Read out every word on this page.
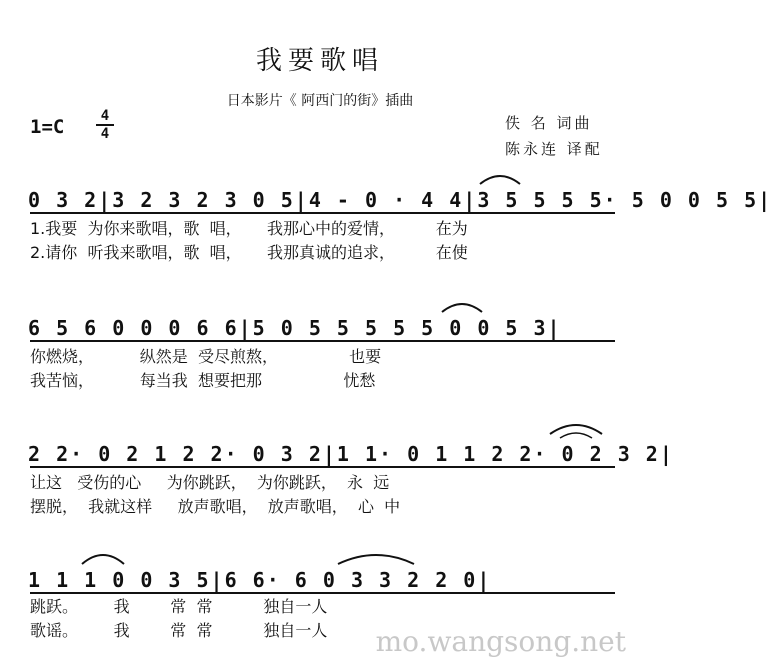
我要歌唱
日本影片《 阿西门的街》插曲
1=C	4
4
佚 名 词曲
陈永连 译配
0 3 2|3 2 3 2 3 0 5|4 - 0 · 4 4|3 5 5 5 5· 5 0 0 5 5|
1.我要  为你来歌唱，歌  唱，     我那心中的爱情，        在为
2.请你  听我来歌唱，歌  唱，     我那真诚的追求，        在使
6 5 6 0 0 0 6 6|5 0 5 5 5 5 5 0 0 5 3|
你燃烧，         纵然是  受尽煎熬，              也要
我苦恼，         每当我  想要把那                忧愁
2 2· 0 2 1 2 2· 0 3 2|1 1· 0 1 1 2 2· 0 2 3 2|
让这   受伤的心     为你跳跃，  为你跳跃，  永  远
摆脱，  我就这样     放声歌唱，  放声歌唱，  心  中
1 1 1 0 0 3 5|6 6· 6 0 3 3 2 2 0|
跳跃。       我        常  常          独自一人
歌谣。       我        常  常          独自一人	mo.wangsong.net
